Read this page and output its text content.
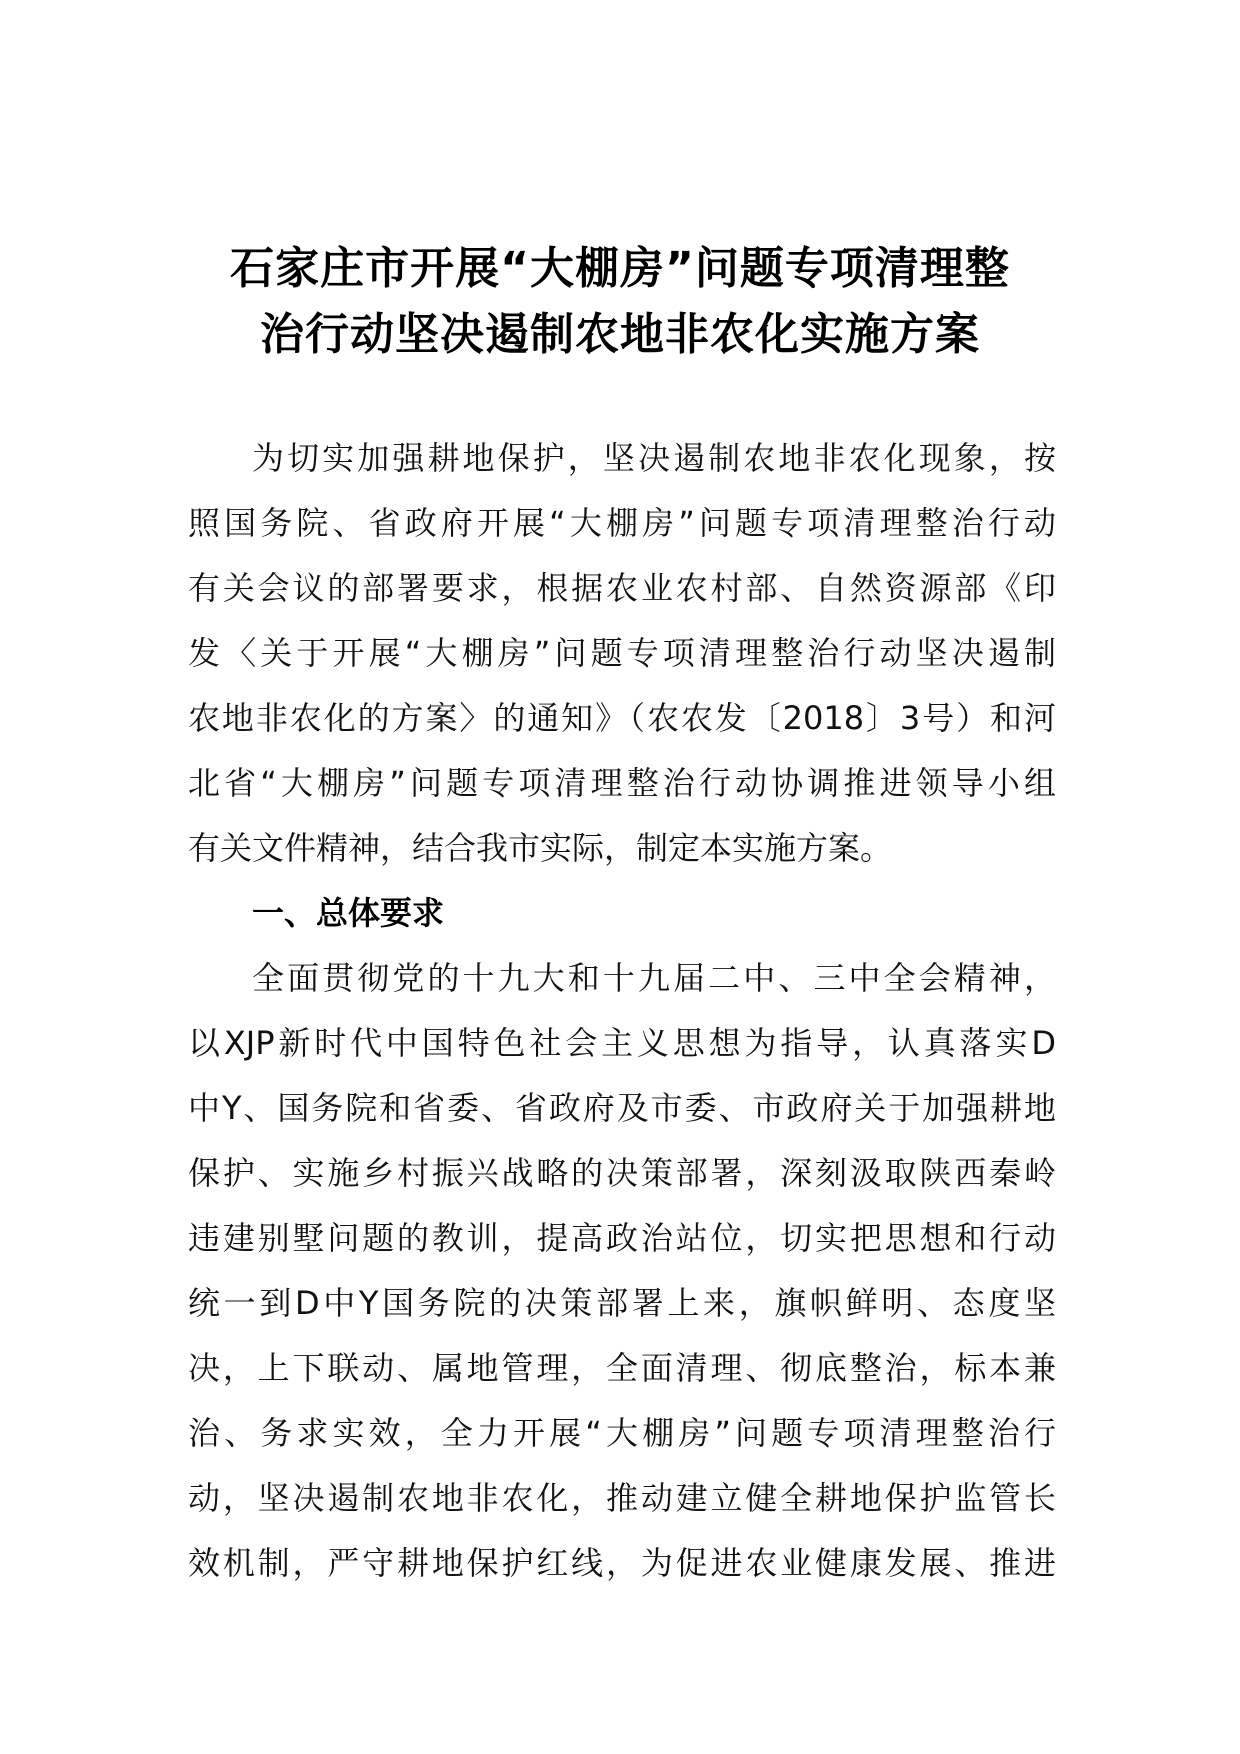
石家庄市开展“大棚房”问题专项清理整
治行动坚决遏制农地非农化实施方案
为切实加强耕地保护，坚决遏制农地非农化现象，按
照国务院、省政府开展“大棚房”问题专项清理整治行动
有关会议的部署要求，根据农业农村部、自然资源部《印
发〈关于开展“大棚房”问题专项清理整治行动坚决遏制
农地非农化的方案〉的通知》（农农发〔2018〕3号）和河
北省“大棚房”问题专项清理整治行动协调推进领导小组
有关文件精神，结合我市实际，制定本实施方案。
一、总体要求
全面贯彻党的十九大和十九届二中、三中全会精神，
以XJP新时代中国特色社会主义思想为指导，认真落实D
中Y、国务院和省委、省政府及市委、市政府关于加强耕地
保护、实施乡村振兴战略的决策部署，深刻汲取陕西秦岭
违建别墅问题的教训，提高政治站位，切实把思想和行动
统一到D中Y国务院的决策部署上来，旗帜鲜明、态度坚
决，上下联动、属地管理，全面清理、彻底整治，标本兼
治、务求实效，全力开展“大棚房”问题专项清理整治行
动，坚决遏制农地非农化，推动建立健全耕地保护监管长
效机制，严守耕地保护红线，为促进农业健康发展、推进
